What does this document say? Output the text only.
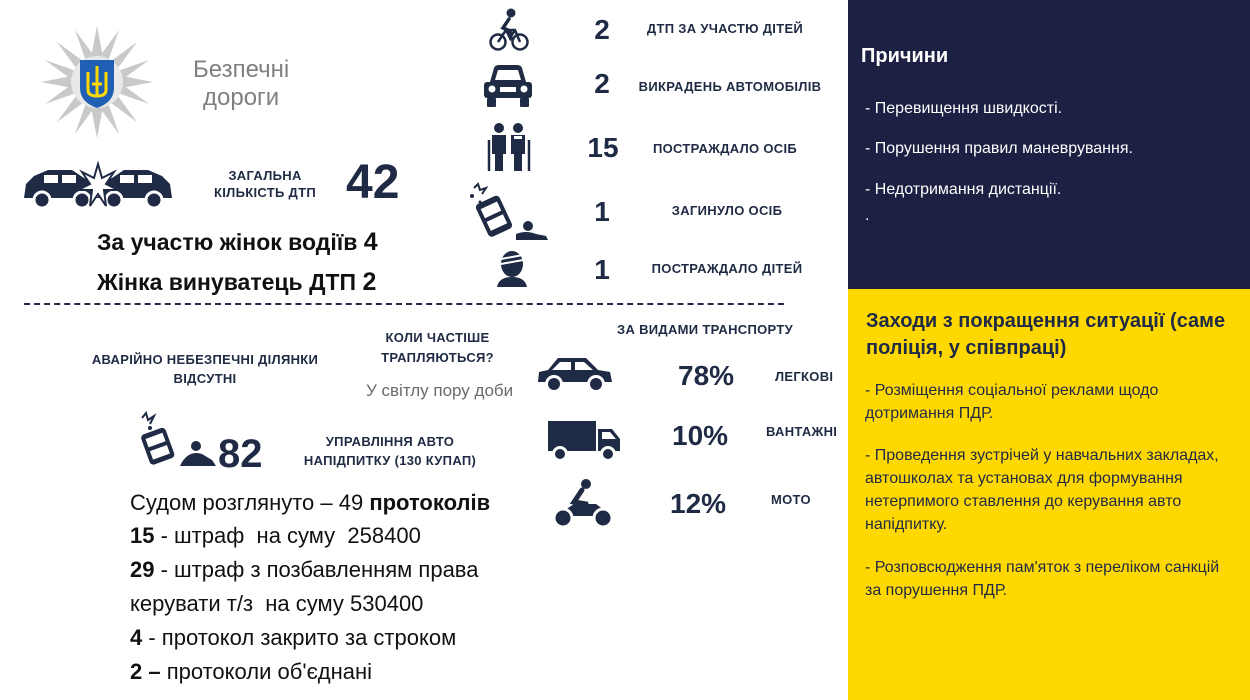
Безпечні
дороги
ЗАГАЛЬНА
КІЛЬКІСТЬ ДТП 42
За участю жінок водіїв 4
Жінка винуватець ДТП 2
2	ДТП ЗА УЧАСТЮ ДІТЕЙ
2	ВИКРАДЕНЬ АВТОМОБІЛІВ
15	ПОСТРАЖДАЛО ОСІБ
1	ЗАГИНУЛО ОСІБ
1	ПОСТРАЖДАЛО ДІТЕЙ
АВАРІЙНО НЕБЕЗПЕЧНІ ДІЛЯНКИ
ВІДСУТНІ
КОЛИ ЧАСТІШЕ
ТРАПЛЯЮТЬСЯ?
У світлу пору доби
82	УПРАВЛІННЯ АВТО
НАПІДПИТКУ (130 КУПАП)
Судом розглянуто – 49 протоколів
15 - штраф  на суму  258400
29 - штраф з позбавленням права
керувати т/з  на суму 530400
4 - протокол закрито за строком
2 – протоколи об'єднані
ЗА ВИДАМИ ТРАНСПОРТУ
78%	ЛЕГКОВІ
10%	ВАНТАЖНІ
12%	МОТО
Причини
- Перевищення швидкості.
- Порушення правил маневрування.
- Недотримання дистанції.
.
Заходи з покращення ситуації (саме поліція, у співпраці)
- Розміщення соціальної реклами щодо дотримання ПДР.
- Проведення зустрічей у навчальних закладах, автошколах та установах для формування нетерпимого ставлення до керування авто напідпитку.
- Розповсюдження пам'яток з переліком санкцій за порушення ПДР.
